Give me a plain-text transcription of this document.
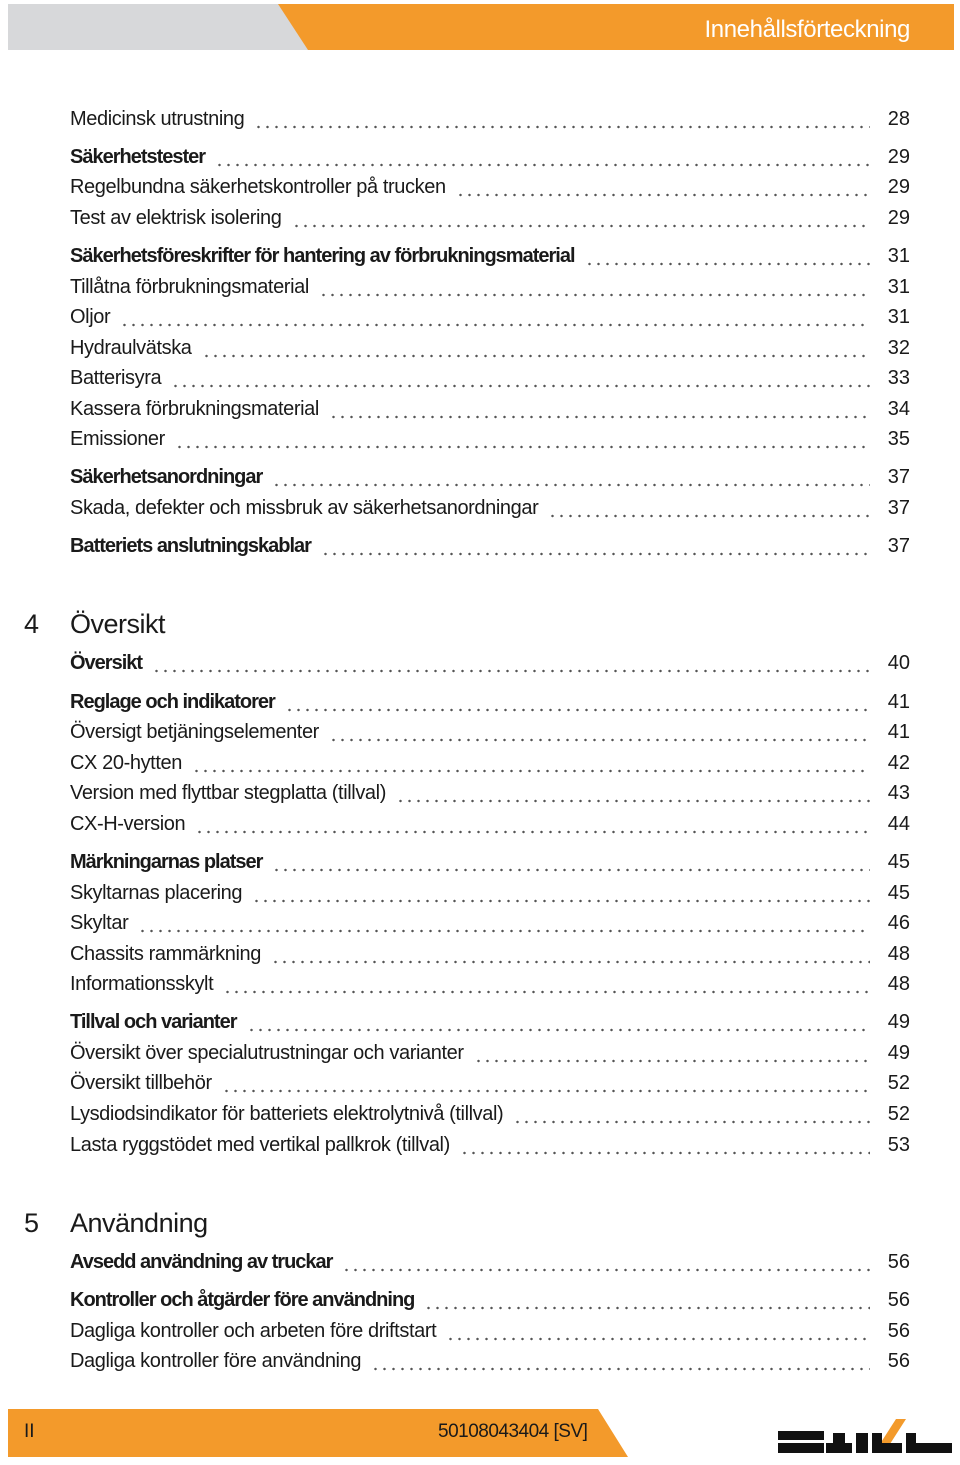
Innehållsförteckning
4	Översikt
5	Användning
Medicinsk utrustning	28
Säkerhetstester	29
Regelbundna säkerhetskontroller på trucken	29
Test av elektrisk isolering	29
Säkerhetsföreskrifter för hantering av förbrukningsmaterial	31
Tillåtna förbrukningsmaterial	31
Oljor	31
Hydraulvätska	32
Batterisyra	33
Kassera förbrukningsmaterial	34
Emissioner	35
Säkerhetsanordningar	37
Skada, defekter och missbruk av säkerhetsanordningar	37
Batteriets anslutningskablar	37
Översikt	40
Reglage och indikatorer	41
Översigt betjäningselementer	41
CX 20-hytten	42
Version med flyttbar stegplatta (tillval)	43
CX-H-version	44
Märkningarnas platser	45
Skyltarnas placering	45
Skyltar	46
Chassits rammärkning	48
Informationsskylt	48
Tillval och varianter	49
Översikt över specialutrustningar och varianter	49
Översikt tillbehör	52
Lysdiodsindikator för batteriets elektrolytnivå (tillval)	52
Lasta ryggstödet med vertikal pallkrok (tillval)	53
Avsedd användning av truckar	56
Kontroller och åtgärder före användning	56
Dagliga kontroller och arbeten före driftstart	56
Dagliga kontroller före användning	56
II	50108043404 [SV]
